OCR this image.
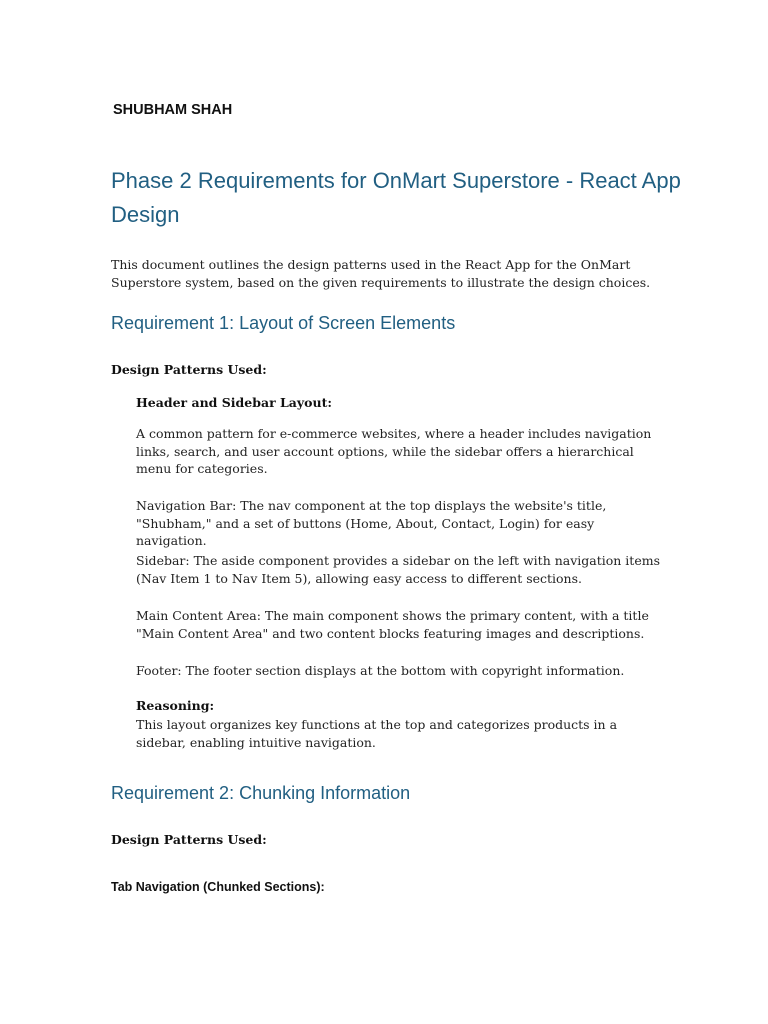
SHUBHAM SHAH
Phase 2 Requirements for OnMart Superstore - React App Design

This document outlines the design patterns used in the React App for the OnMart Superstore system, based on the given requirements to illustrate the design choices.

Requirement 1: Layout of Screen Elements

Design Patterns Used:

Header and Sidebar Layout:

A common pattern for e-commerce websites, where a header includes navigation links, search, and user account options, while the sidebar offers a hierarchical menu for categories.

Navigation Bar: The nav component at the top displays the website's title, "Shubham," and a set of buttons (Home, About, Contact, Login) for easy navigation.

Sidebar: The aside component provides a sidebar on the left with navigation items (Nav Item 1 to Nav Item 5), allowing easy access to different sections.

Main Content Area: The main component shows the primary content, with a title "Main Content Area" and two content blocks featuring images and descriptions.

Footer: The footer section displays at the bottom with copyright information.

Reasoning:

This layout organizes key functions at the top and categorizes products in a sidebar, enabling intuitive navigation.

Requirement 2: Chunking Information

Design Patterns Used:

Tab Navigation (Chunked Sections):
